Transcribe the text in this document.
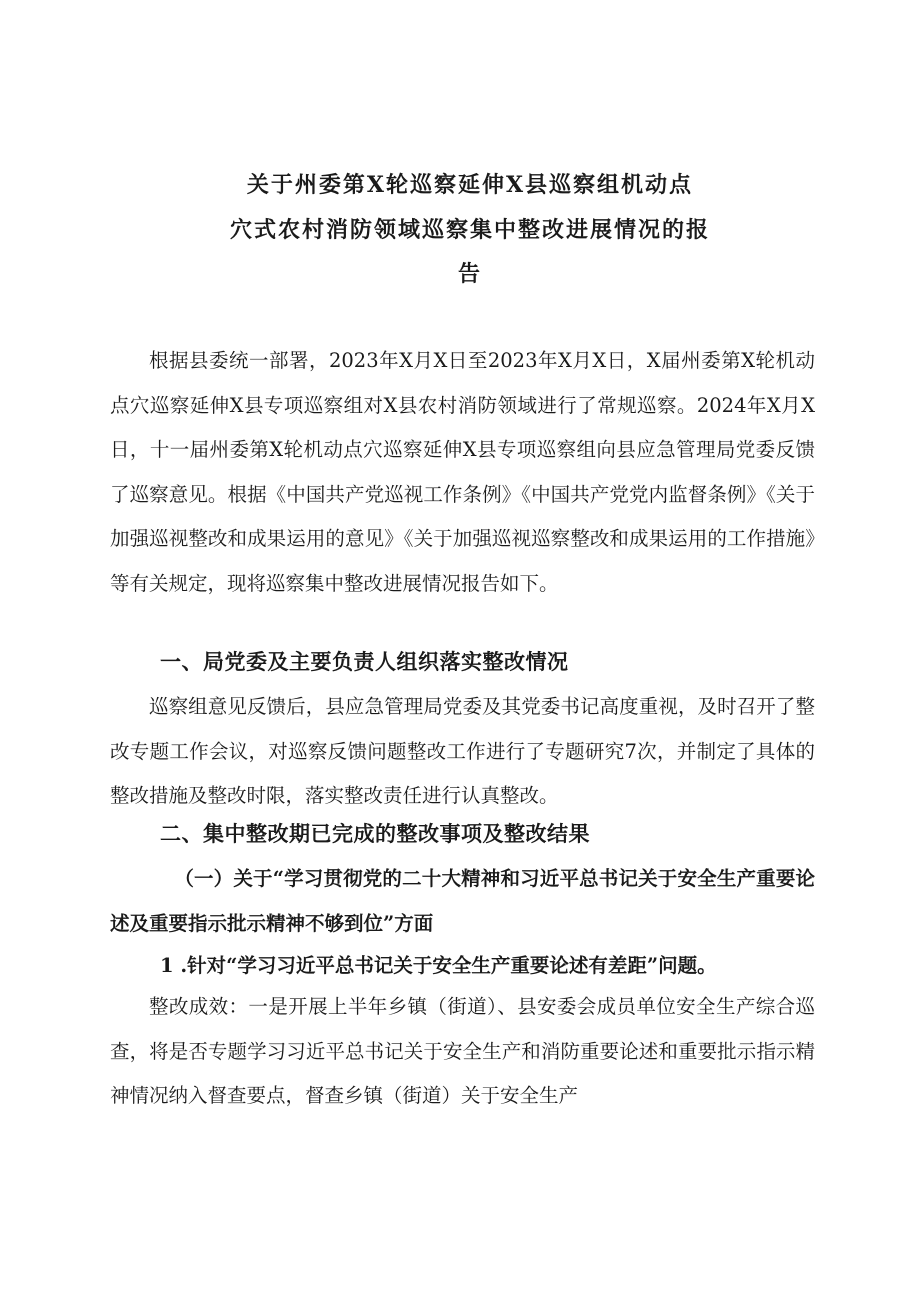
关于州委第X轮巡察延伸X县巡察组机动点
穴式农村消防领域巡察集中整改进展情况的报
告
根据县委统一部署，2023年X月X日至2023年X月X日，X届州委第X轮机动点穴巡察延伸X县专项巡察组对X县农村消防领域进行了常规巡察。2024年X月X日，十一届州委第X轮机动点穴巡察延伸X县专项巡察组向县应急管理局党委反馈了巡察意见。根据《中国共产党巡视工作条例》《中国共产党党内监督条例》《关于加强巡视整改和成果运用的意见》《关于加强巡视巡察整改和成果运用的工作措施》等有关规定，现将巡察集中整改进展情况报告如下。
一、局党委及主要负责人组织落实整改情况
巡察组意见反馈后，县应急管理局党委及其党委书记高度重视，及时召开了整改专题工作会议，对巡察反馈问题整改工作进行了专题研究7次，并制定了具体的整改措施及整改时限，落实整改责任进行认真整改。
二、集中整改期已完成的整改事项及整改结果
（一）关于“学习贯彻党的二十大精神和习近平总书记关于安全生产重要论述及重要指示批示精神不够到位”方面
1 .针对“学习习近平总书记关于安全生产重要论述有差距”问题。
整改成效：一是开展上半年乡镇（街道）、县安委会成员单位安全生产综合巡查，将是否专题学习习近平总书记关于安全生产和消防重要论述和重要批示指示精神情况纳入督查要点，督查乡镇（街道）关于安全生产
